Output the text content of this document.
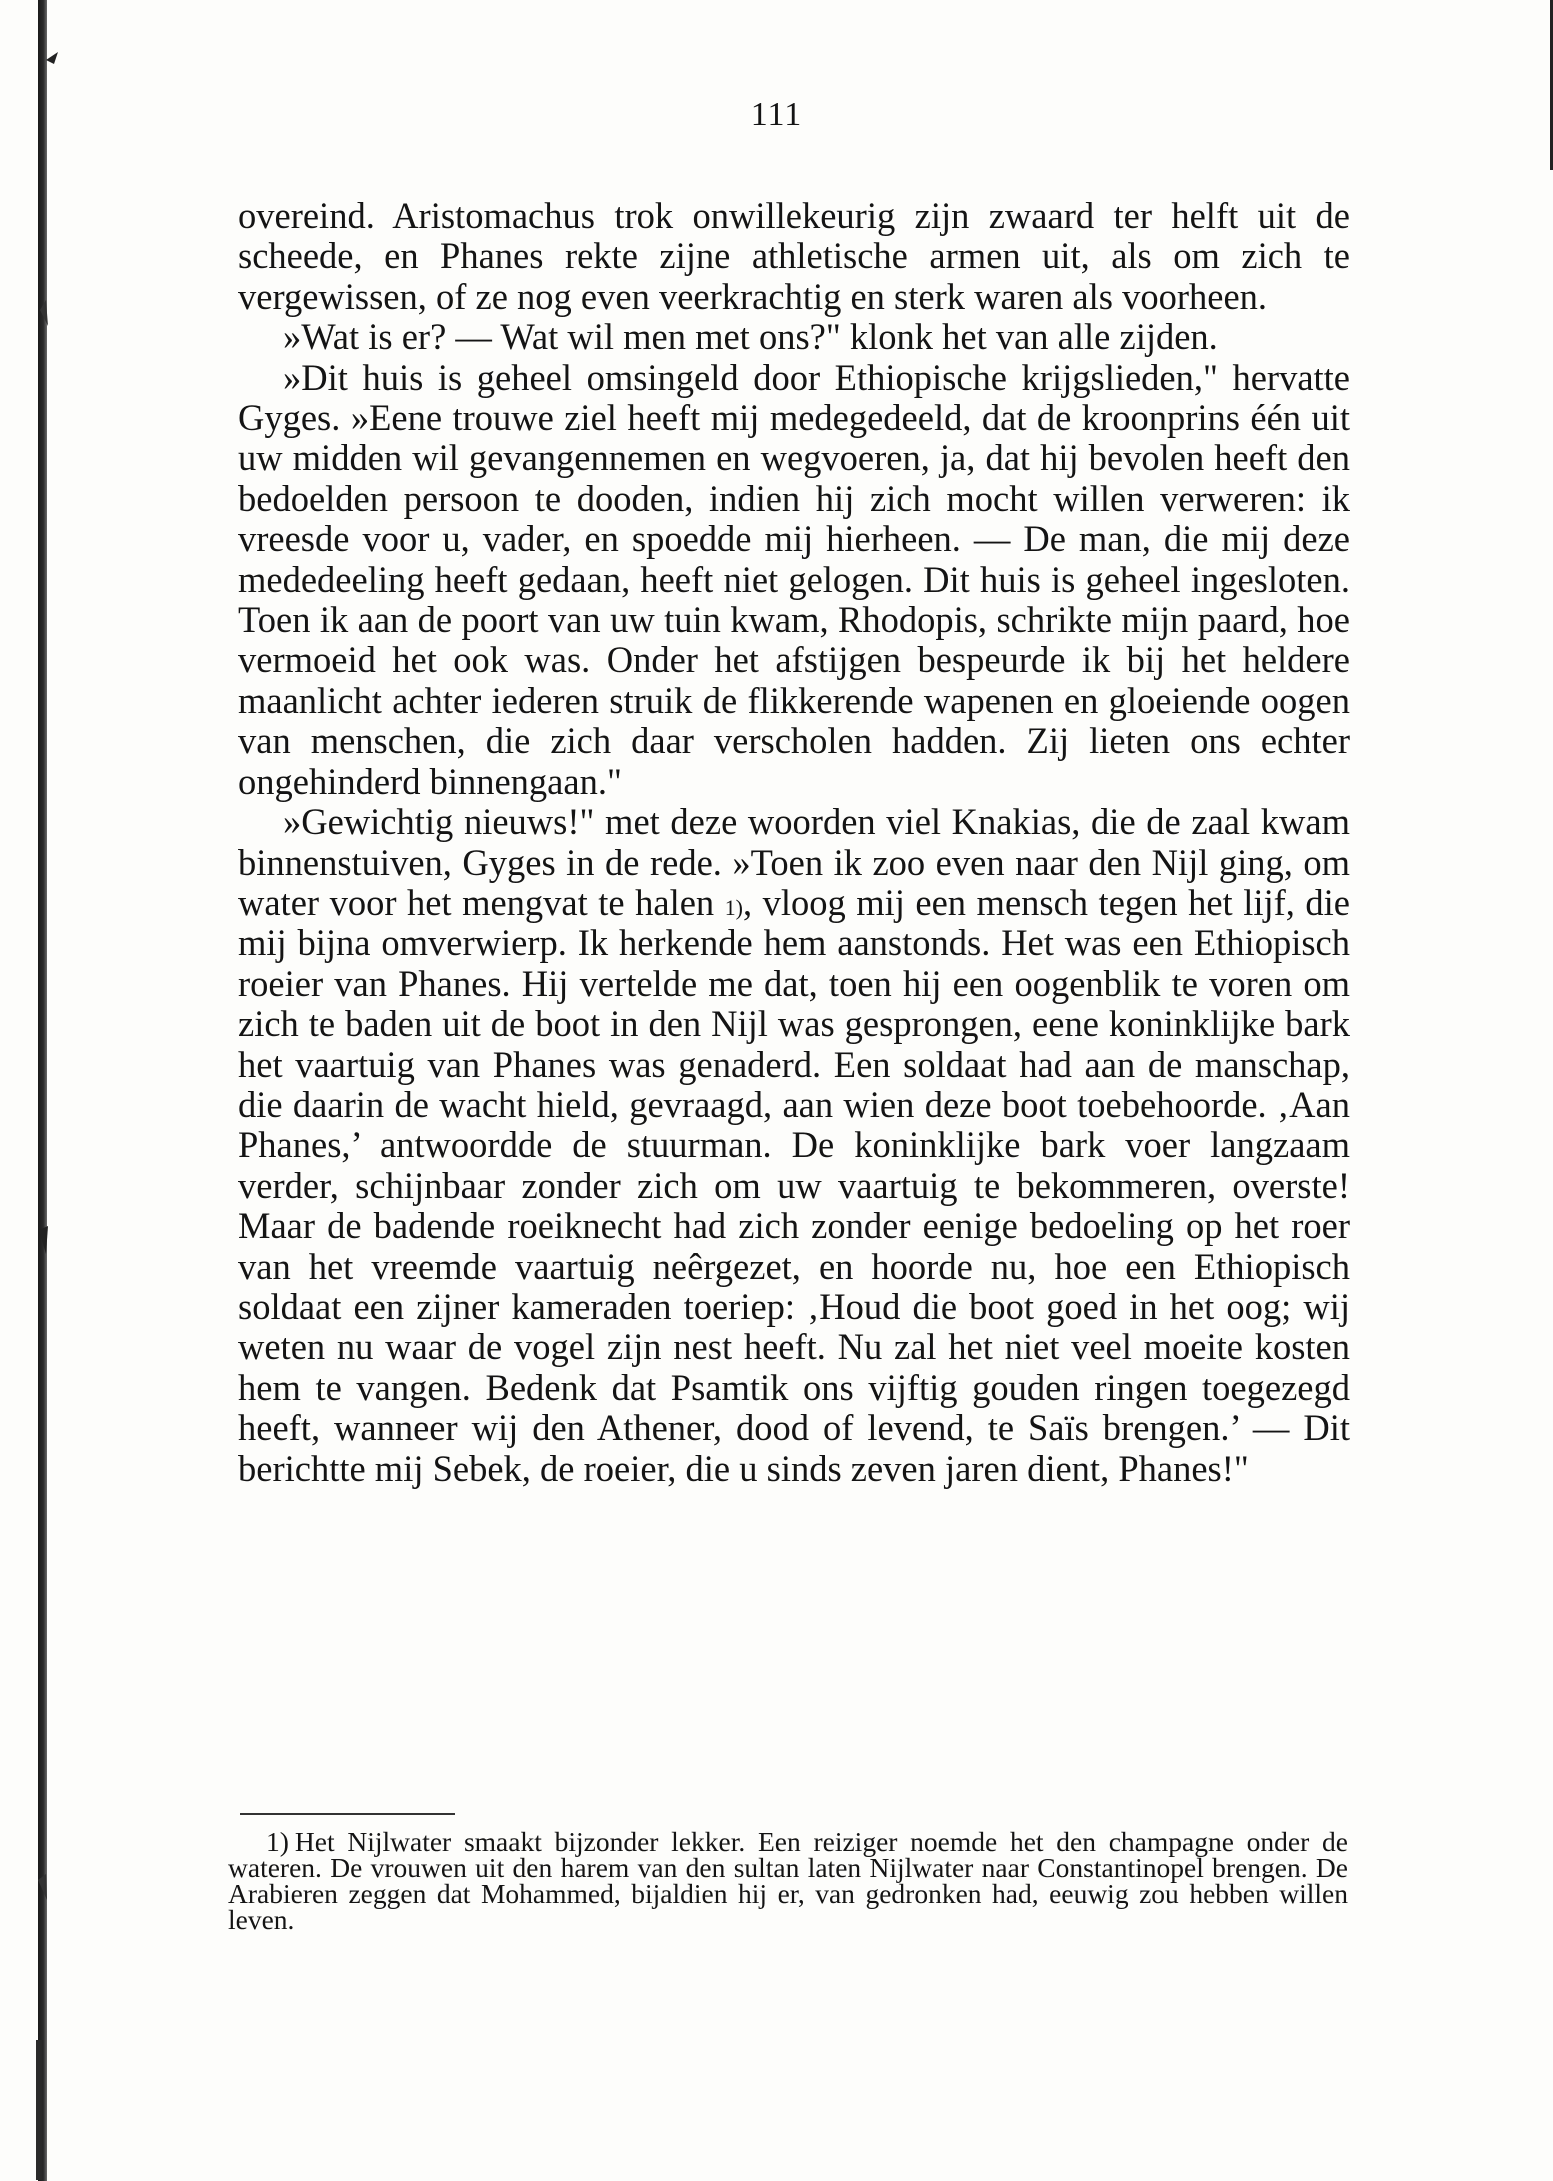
111

overeind. Aristomachus trok onwillekeurig zijn zwaard ter helft uit de scheede, en Phanes rekte zijne athletische armen uit, als om zich te vergewissen, of ze nog even veerkrachtig en sterk waren als voorheen.

»Wat is er? — Wat wil men met ons?" klonk het van alle zijden.

»Dit huis is geheel omsingeld door Ethiopische krijgslieden," hervatte Gyges. »Eene trouwe ziel heeft mij medegedeeld, dat de kroonprins één uit uw midden wil gevangennemen en wegvoeren, ja, dat hij bevolen heeft den bedoelden persoon te dooden, indien hij zich mocht willen verweren: ik vreesde voor u, vader, en spoedde mij hierheen. — De man, die mij deze mededeeling heeft gedaan, heeft niet gelogen. Dit huis is geheel ingesloten. Toen ik aan de poort van uw tuin kwam, Rhodopis, schrikte mijn paard, hoe vermoeid het ook was. Onder het afstijgen bespeurde ik bij het heldere maanlicht achter iederen struik de flikkerende wapenen en gloeiende oogen van menschen, die zich daar verscholen hadden. Zij lieten ons echter ongehinderd binnengaan."

»Gewichtig nieuws!" met deze woorden viel Knakias, die de zaal kwam binnenstuiven, Gyges in de rede. »Toen ik zoo even naar den Nijl ging, om water voor het mengvat te halen $^{1)}$, vloog mij een mensch tegen het lijf, die mij bijna omverwierp. Ik herkende hem aanstonds. Het was een Ethiopisch roeier van Phanes. Hij vertelde me dat, toen hij een oogenblik te voren om zich te baden uit de boot in den Nijl was gesprongen, eene koninklijke bark het vaartuig van Phanes was genaderd. Een soldaat had aan de manschap, die daarin de wacht hield, gevraagd, aan wien deze boot toebehoorde. ‚Aan Phanes,’ antwoordde de stuurman. De koninklijke bark voer langzaam verder, schijnbaar zonder zich om uw vaartuig te bekommeren, overste! Maar de badende roeiknecht had zich zonder eenige bedoeling op het roer van het vreemde vaartuig neêrgezet, en hoorde nu, hoe een Ethiopisch soldaat een zijner kameraden toeriep: ‚Houd die boot goed in het oog; wij weten nu waar de vogel zijn nest heeft. Nu zal het niet veel moeite kosten hem te vangen. Bedenk dat Psamtik ons vijftig gouden ringen toegezegd heeft, wanneer wij den Athener, dood of levend, te Saïs brengen.’ — Dit berichtte mij Sebek, de roeier, die u sinds zeven jaren dient, Phanes!"

1) Het Nijlwater smaakt bijzonder lekker. Een reiziger noemde het den champagne onder de wateren. De vrouwen uit den harem van den sultan laten Nijlwater naar Constantinopel brengen. De Arabieren zeggen dat Mohammed, bijaldien hij er, van gedronken had, eeuwig zou hebben willen leven.
